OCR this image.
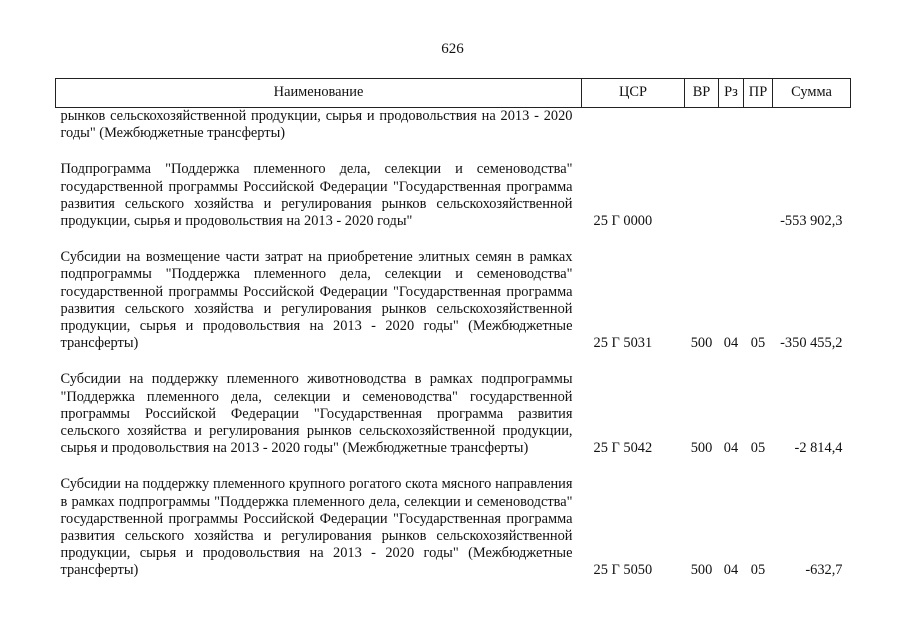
626
Наименование	ЦСР	ВР	Рз	ПР	Сумма
рынков сельскохозяйственной продукции, сырья и продовольствия на 2013 - 2020 годы" (Межбюджетные трансферты)					
Подпрограмма "Поддержка племенного дела, селекции и семеноводства" государственной программы Российской Федерации "Государственная программа развития сельского хозяйства и регулирования рынков сельскохозяйственной продукции, сырья и продовольствия на 2013 - 2020 годы"	25 Г 0000				-553 902,3
Субсидии на возмещение части затрат на приобретение элитных семян в рамках подпрограммы "Поддержка племенного дела, селекции и семеноводства" государственной программы Российской Федерации "Государственная программа развития сельского хозяйства и регулирования рынков сельскохозяйственной продукции, сырья и продовольствия на 2013 - 2020 годы" (Межбюджетные трансферты)	25 Г 5031	500	04	05	-350 455,2
Субсидии на поддержку племенного животноводства в рамках подпрограммы "Поддержка племенного дела, селекции и семеноводства" государственной программы Российской Федерации "Государственная программа развития сельского хозяйства и регулирования рынков сельскохозяйственной продукции, сырья и продовольствия на 2013 - 2020 годы" (Межбюджетные трансферты)	25 Г 5042	500	04	05	-2 814,4
Субсидии на поддержку племенного крупного рогатого скота мясного направления в рамках подпрограммы "Поддержка племенного дела, селекции и семеноводства" государственной программы Российской Федерации "Государственная программа развития сельского хозяйства и регулирования рынков сельскохозяйственной продукции, сырья и продовольствия на 2013 - 2020 годы" (Межбюджетные трансферты)	25 Г 5050	500	04	05	-632,7
